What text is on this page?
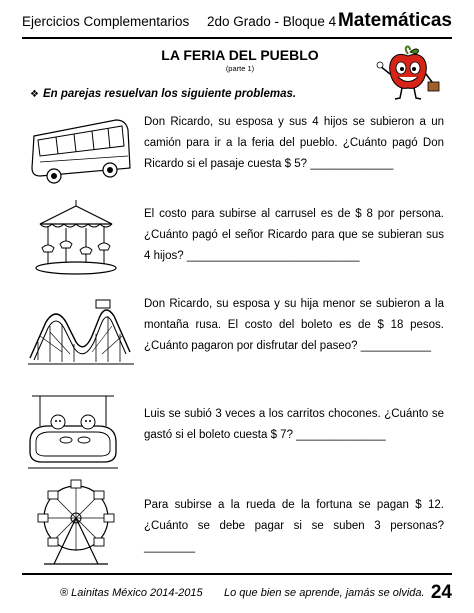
Ejercicios Complementarios 2do Grado - Bloque 4 Matemáticas
LA FERIA DEL PUEBLO
(parte 1)
❖ En parejas resuelvan los siguiente problemas.
Don Ricardo, su esposa y sus 4 hijos se subieron a un camión para ir a la feria del pueblo. ¿Cuánto pagó Don Ricardo si el pasaje cuesta $ 5? _____________
El costo para subirse al carrusel es de $ 8 por persona. ¿Cuánto pagó el señor Ricardo para que se subieran sus 4 hijos? ___________________________
Don Ricardo, su esposa y su hija menor se subieron a la montaña rusa. El costo del boleto es de $ 18 pesos. ¿Cuánto pagaron por disfrutar del paseo? ___________
Luis se subió 3 veces a los carritos chocones. ¿Cuánto se gastó si el boleto cuesta $ 7? ______________
Para subirse a la rueda de la fortuna se pagan $ 12. ¿Cuánto se debe pagar si se suben 3 personas? ________
® Lainitas México 2014-2015 Lo que bien se aprende, jamás se olvida. 24
